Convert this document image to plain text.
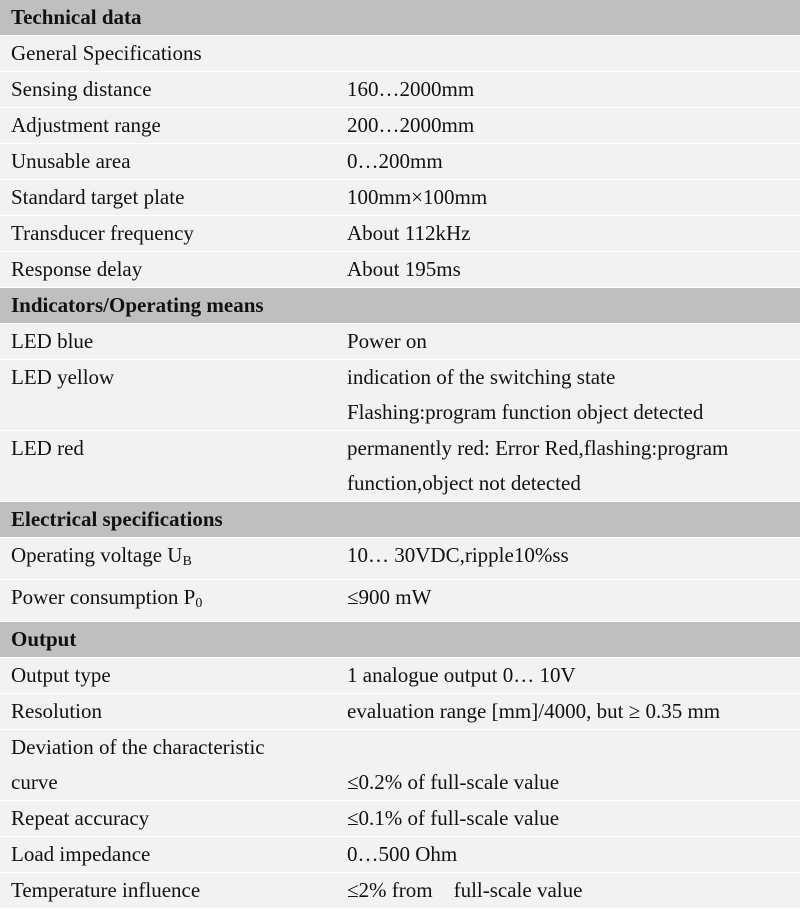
Technical data
General Specifications
Sensing distance	160…2000mm
Adjustment range	200…2000mm
Unusable area	0…200mm
Standard target plate	100mm×100mm
Transducer frequency	About 112kHz
Response delay	About 195ms
Indicators/Operating means
LED blue	Power on
LED yellow	indication of the switching state
Flashing:program function object detected
LED red	permanently red: Error Red,flashing:program
function,object not detected
Electrical specifications
Operating voltage $U_B$	10… 30VDC,ripple10%ss
Power consumption $P_0$	≤900 mW
Output
Output type	1 analogue output 0… 10V
Resolution	evaluation range [mm]/4000, but ≥ 0.35 mm
Deviation of the characteristic
curve
	≤0.2% of full-scale value
Repeat accuracy	≤0.1% of full-scale value
Load impedance	0…500 Ohm
Temperature influence	≤2% from    full-scale value
